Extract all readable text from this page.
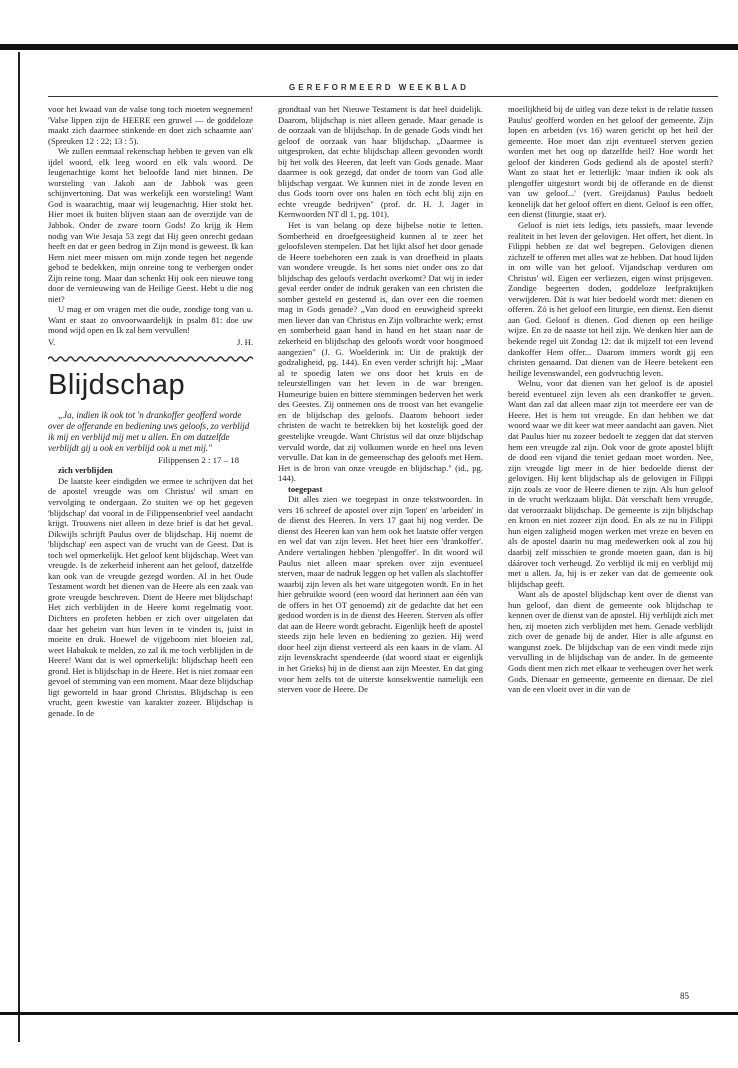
GEREFORMEERD WEEKBLAD

voor het kwaad van de valse tong toch moeten wegnemen! 'Valse lippen zijn de HEERE een gruwel — de goddeloze maakt zich daarmee stinkende en doet zich schaamte aan' (Spreuken 12 : 22; 13 : 5).

We zullen eenmaal rekenschap hebben te geven van elk ijdel woord, elk leeg woord en elk vals woord. De leugenachtige komt het beloofde land niet binnen. De worsteling van Jakob aan de Jabbok was geen schijnvertoning. Dat was werkelijk een worsteling! Want God is waarachtig, maar wij leugenachtig. Hier stokt het. Hier moet ik buiten blijven staan aan de overzijde van de Jabbok. Onder de zware toorn Gods! Zo krijg ik Hem nodig van Wie Jesaja 53 zegt dat Hij geen onrecht gedaan heeft en dat er geen bedrog in Zijn mond is geweest. Ik kan Hem niet meer missen om mijn zonde tegen het negende gebod te bedekken, mijn onreine tong te verbergen onder Zijn reine tong. Maar dan schenkt Hij ook een nieuwe tong door de vernieuwing van de Heilige Geest. Hebt u die nog niet?

U mag er om vragen met die oude, zondige tong van u. Want er staat zo onvoorwaardelijk in psalm 81: doe uw mond wijd open en Ik zal hem vervullen!

V.	J. H.
Blijdschap

„Ja, indien ik ook tot 'n drankoffer geofferd worde over de offerande en bediening uws geloofs, zo verblijd ik mij en verblijd mij met u allen. En om datzelfde verblijdt gij u ook en verblijd ook u met mij."

Filippensen 2 : 17 – 18

zich verblijden

De laatste keer eindigden we ermee te schrijven dat het de apostel vreugde was om Christus' wil smart en vervolging te ondergaan. Zo stuiten we op het gegeven 'blijdschap' dat vooral in de Filippensenbrief veel aandacht krijgt. Trouwens niet alleen in deze brief is dat het geval. Dikwijls schrijft Paulus over de blijdschap. Hij noemt de 'blijdschap' een aspect van de vrucht van de Geest. Dat is toch wel opmerkelijk. Het geloof kent blijdschap. Weet van vreugde. Is de zekerheid inherent aan het geloof, datzelfde kan ook van de vreugde gezegd worden. Al in het Oude Testament wordt het dienen van de Heere als een zaak van grote vreugde beschreven. Dient de Heere met blijdschap! Het zich verblijden in de Heere komt regelmatig voor. Dichters en profeten hebben er zich over uitgelaten dat daar het geheim van hun leven in te vinden is, juist in moeite en druk. Hoewel de vijgeboom niet bloeien zal, weet Habakuk te melden, zo zal ik me toch verblijden in de Heere! Want dat is wel opmerkelijk: blijdschap heeft een grond. Het is blijdschap in de Heere. Het is niet zomaar een gevoel of stemming van een moment. Maar deze blijdschap ligt geworteld in haar grond Christus. Blijdschap is een vrucht, geen kwestie van karakter zozeer. Blijdschap is genade. In de

grondtaal van het Nieuwe Testament is dat heel duidelijk. Daarom, blijdschap is niet alleen genade. Maar genade is de oorzaak van de blijdschap. In de genade Gods vindt het geloof de oorzaak van haar blijdschap. „Daarmee is uitgesproken, dat echte blijdschap alleen gevonden wordt bij het volk des Heeren, dat leeft van Gods genade. Maar daarmee is ook gezegd, dat onder de toorn van God alle blijdschap vergaat. We kunnen niet in de zonde leven en dus Gods toorn over ons halen en tòch echt blij zijn en echte vreugde bedrijven" (prof. dr. H. J. Jager in Kernwoorden NT dl 1, pg. 101).

Het is van belang op deze bijbelse notie te letten. Somberheid en droefgeestigheid kunnen al te zeer het geloofsleven stempelen. Dat het lijkt alsof het door genade de Heere toebehoren een zaak is van droefheid in plaats van wondere vreugde. Is het soms niet onder ons zo dat blijdschap des geloofs verdacht overkomt? Dat wij in ieder geval eerder onder de indruk geraken van een christen die somber gesteld en gestemd is, dan over een die roemen mag in Gods genade? „Van dood en eeuwigheid spreekt men liever dan van Christus en Zijn volbrachte werk; ernst en somberheid gaan hand in hand en het staan naar de zekerheid en blijdschap des geloofs wordt voor hoogmoed aangezien" (J. G. Woelderink in: Uit de praktijk der godzaligheid, pg. 144). En even verder schrijft hij: „Maar al te spoedig laten we ons door het kruis en de teleurstellingen van het leven in de war brengen. Humeurige buien en bittere stemmingen bederven het werk des Geestes. Zij ontnemen ons de troost van het evangelie en de blijdschap des geloofs. Daarom behoort ieder christen de wacht te betrekken bij het kostelijk goed der geestelijke vreugde. Want Christus wil dat onze blijdschap vervuld worde, dat zij volkomen worde en heel ons leven vervulle. Dat kan in de gemeenschap des geloofs met Hem. Het is de bron van onze vreugde en blijdschap." (id., pg. 144).

toegepast

Dit alles zien we toegepast in onze tekstwoorden. In vers 16 schreef de apostel over zijn 'lopen' en 'arbeiden' in de dienst des Heeren. In vers 17 gaat hij nog verder. De dienst des Heeren kan van hem ook het laatste offer vergen en wel dat van zijn leven. Het heet hier een 'drankoffer'. Andere vertalingen hebben 'plengoffer'. In dit woord wil Paulus niet alleen maar spreken over zijn eventueel sterven, maar de nadruk leggen op het vallen als slachtoffer waarbij zijn leven als het ware uitgegoten wordt. En in het hier gebruikte woord (een woord dat herinnert aan één van de offers in het OT genoemd) zit de gedachte dat het een gedood worden is in de dienst des Heeren. Sterven als offer dat aan de Heere wordt gebracht. Eigenlijk heeft de apostel steeds zijn hele leven en bediening zo gezien. Hij werd door heel zijn dienst verteerd als een kaars in de vlam. Al zijn levenskracht spendeerde (dat woord staat er eigenlijk in het Grieks) hij in de dienst aan zijn Meester. En dat ging voor hem zelfs tot de uiterste konsekwentie namelijk een sterven voor de Heere. De

moeilijkheid bij de uitleg van deze tekst is de relatie tussen Paulus' geofferd worden en het geloof der gemeente. Zijn lopen en arbeiden (vs 16) waren gericht op het heil der gemeente. Hoe moet dan zijn eventueel sterven gezien worden met het oog op datzelfde heil? Hoe wordt het geloof der kinderen Gods gediend als de apostel sterft? Want zo staat het er letterlijk: 'maar indien ik ook als plengoffer uitgestort wordt bij de offerande en de dienst van uw geloof...' (vert. Greijdanus) Paulus bedoelt kennelijk dat het geloof offert en dient. Geloof is een offer, een dienst (liturgie, staat er).

Geloof is niet iets ledigs, iets passiefs, maar levende realiteit in het leven der gelovigen. Het offert, het dient. In Filippi hebben ze dat wel begrepen. Gelovigen dienen zichzelf te offeren met alles wat ze hebben. Dat houd lijden in om wille van het geloof. Vijandschap verduren om Christus' wil. Eigen eer verliezen, eigen winst prijsgeven. Zondige begeerten doden, goddeloze leefpraktijken verwijderen. Dàt is wat hier bedoeld wordt met: dienen en offeren. Zó is het geloof een liturgie, een dienst. Een dienst aan God. Geloof is dienen. God dienen op een heilige wijze. En zo de naaste tot heil zijn. We denken hier aan de bekende regel uit Zondag 12: dat ik mijzelf tot een levend dankoffer Hem offer... Daarom immers wordt gij een christen genaamd. Dat dienen van de Heere betekent een heilige levenswandel, een godvruchtig leven.

Welnu, voor dat dienen van het geloof is de apostel bereid eventueel zijn leven als een drankoffer te geven. Want dan zal dat alleen maar zijn tot meerdere eer van de Heere. Het is hem tot vreugde. En dan hebben we dat woord waar we dit keer wat meer aandacht aan gaven. Niet dat Paulus hier nu zozeer bedoelt te zeggen dat dat sterven hem een vreugde zal zijn. Ook voor de grote apostel blijft de dood een vijand die teniet gedaan moet worden. Nee, zijn vreugde ligt meer in de hier bedoelde dienst der gelovigen. Hij kent blijdschap als de gelovigen in Filippi zijn zoals ze voor de Heere dienen te zijn. Als hun geloof in de vrucht werkzaam blijkt. Dàt verschaft hem vreugde, dat veroorzaakt blijdschap. De gemeente is zijn blijdschap en kroon en niet zozeer zijn dood. En als ze nu in Filippi hun eigen zaligheid mogen werken met vreze en beven en als de apostel daarin nu mag medewerken ook al zou hij daarbij zelf misschien te gronde moeten gaan, dan is hij dáárover toch verheugd. Zo verblijd ik mij en verblijd mij met u allen. Ja, hij is er zeker van dat de gemeente ook blijdschap geeft.

Want als de apostel blijdschap kent over de dienst van hun geloof, dan dient de gemeente ook blijdschap te kennen over de dienst van de apostel. Hij verblijdt zich met hen, zij moeten zich verblijden met hem. Genade verblijdt zich over de genade bij de ander. Hier is alle afgunst en wangunst zoek. De blijdschap van de een vindt mede zijn vervulling in de blijdschap van de ander. In de gemeente Gods dient men zich met elkaar te verheugen over het werk Gods. Dienaar en gemeente, gemeente en dienaar. De ziel van de een vloeit over in die van de

85
